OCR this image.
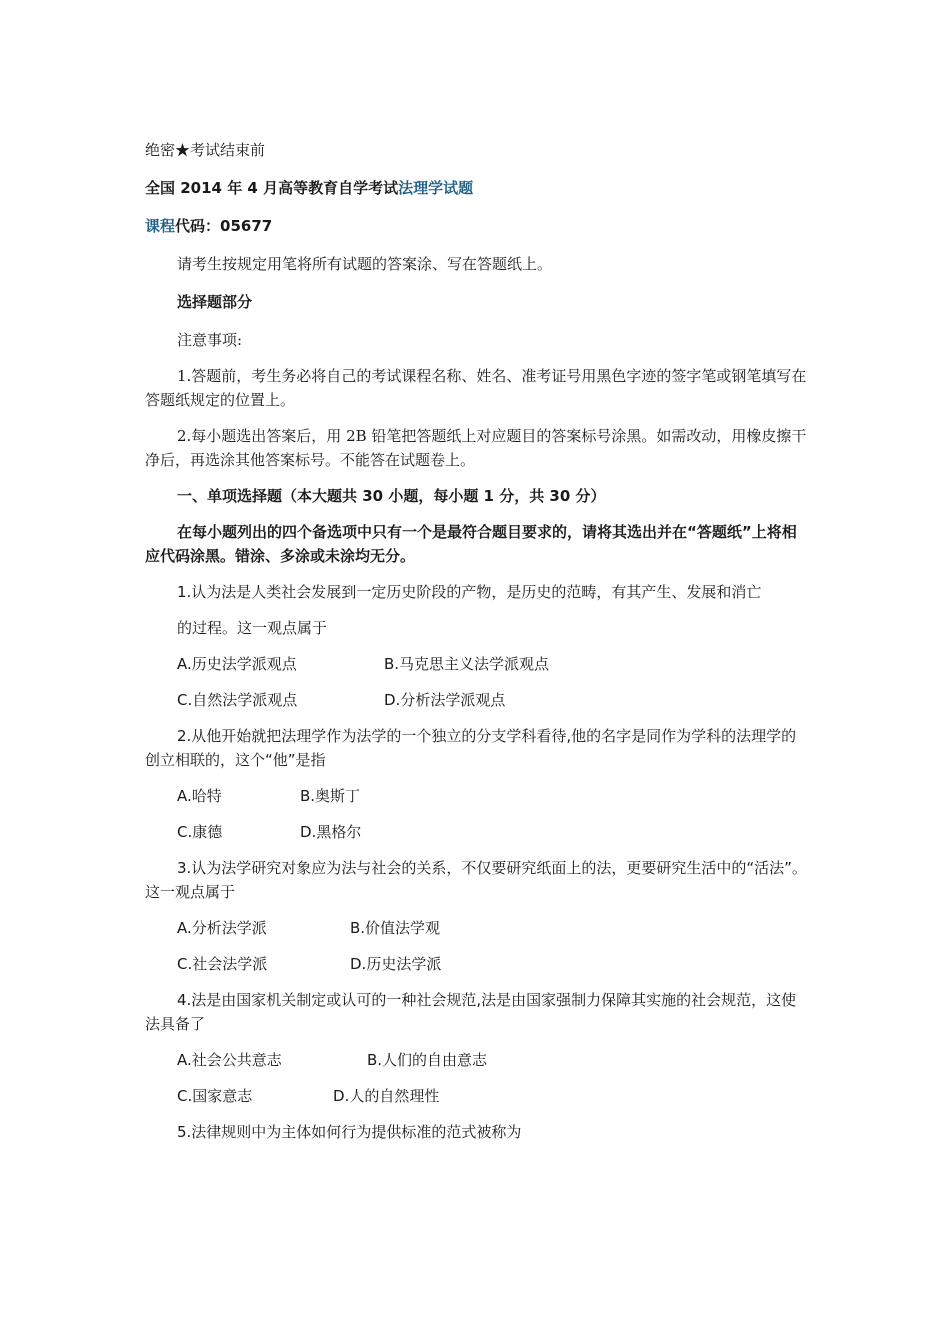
绝密★考试结束前

全国 2014 年 4 月高等教育自学考试法理学试题

课程代码：05677

请考生按规定用笔将所有试题的答案涂、写在答题纸上。

选择题部分

注意事项:

1.答题前，考生务必将自己的考试课程名称、姓名、准考证号用黑色字迹的签字笔或钢笔填写在答题纸规定的位置上。

2.每小题选出答案后，用 2B 铅笔把答题纸上对应题目的答案标号涂黑。如需改动，用橡皮擦干净后，再选涂其他答案标号。不能答在试题卷上。

一、单项选择题（本大题共 30 小题，每小题 1 分，共 30 分）

在每小题列出的四个备选项中只有一个是最符合题目要求的，请将其选出并在“答题纸”上将相应代码涂黑。错涂、多涂或未涂均无分。

1.认为法是人类社会发展到一定历史阶段的产物，是历史的范畴，有其产生、发展和消亡

的过程。这一观点属于

A.历史法学派观点	B.马克思主义法学派观点

C.自然法学派观点	D.分析法学派观点

2.从他开始就把法理学作为法学的一个独立的分支学科看待,他的名字是同作为学科的法理学的创立相联的，这个“他”是指

A.哈特	B.奥斯丁

C.康德	D.黑格尔

3.认为法学研究对象应为法与社会的关系，不仅要研究纸面上的法，更要研究生活中的“活法”。这一观点属于

A.分析法学派	B.价值法学观

C.社会法学派	D.历史法学派

4.法是由国家机关制定或认可的一种社会规范,法是由国家强制力保障其实施的社会规范，这使法具备了

A.社会公共意志	B.人们的自由意志

C.国家意志	D.人的自然理性

5.法律规则中为主体如何行为提供标准的范式被称为
